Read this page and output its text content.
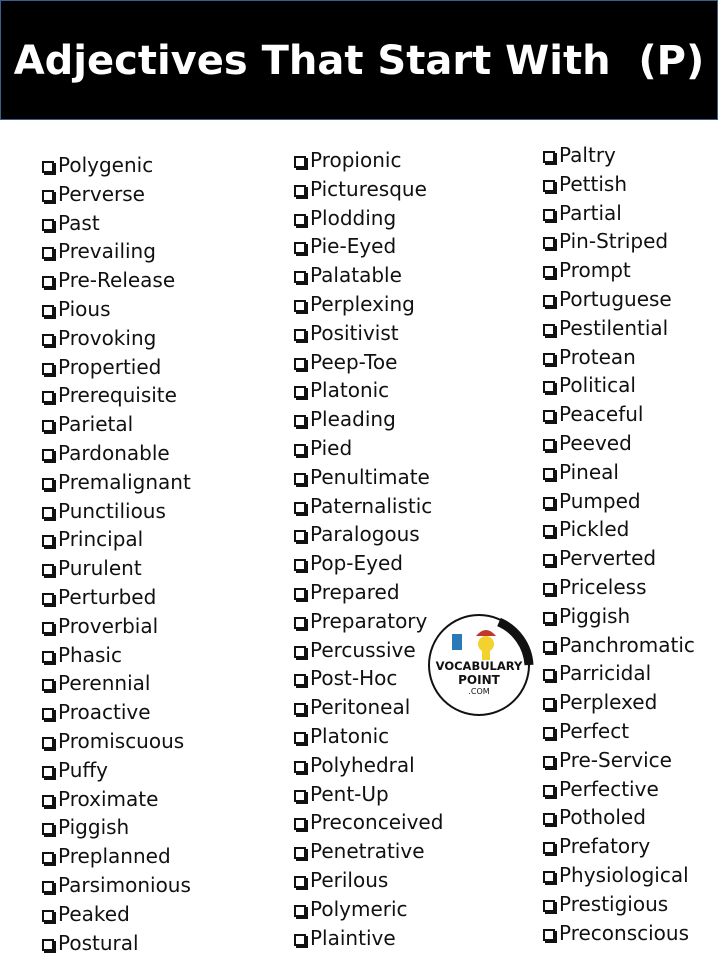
Adjectives That Start With  (P)
Polygenic
Perverse
Past
Prevailing
Pre-Release
Pious
Provoking
Propertied
Prerequisite
Parietal
Pardonable
Premalignant
Punctilious
Principal
Purulent
Perturbed
Proverbial
Phasic
Perennial
Proactive
Promiscuous
Puffy
Proximate
Piggish
Preplanned
Parsimonious
Peaked
Postural
Propionic
Picturesque
Plodding
Pie-Eyed
Palatable
Perplexing
Positivist
Peep-Toe
Platonic
Pleading
Pied
Penultimate
Paternalistic
Paralogous
Pop-Eyed
Prepared
Preparatory
Percussive
Post-Hoc
Peritoneal
Platonic
Polyhedral
Pent-Up
Preconceived
Penetrative
Perilous
Polymeric
Plaintive
Paltry
Pettish
Partial
Pin-Striped
Prompt
Portuguese
Pestilential
Protean
Political
Peaceful
Peeved
Pineal
Pumped
Pickled
Perverted
Priceless
Piggish
Panchromatic
Parricidal
Perplexed
Perfect
Pre-Service
Perfective
Potholed
Prefatory
Physiological
Prestigious
Preconscious
VOCABULARY
POINT
.COM
